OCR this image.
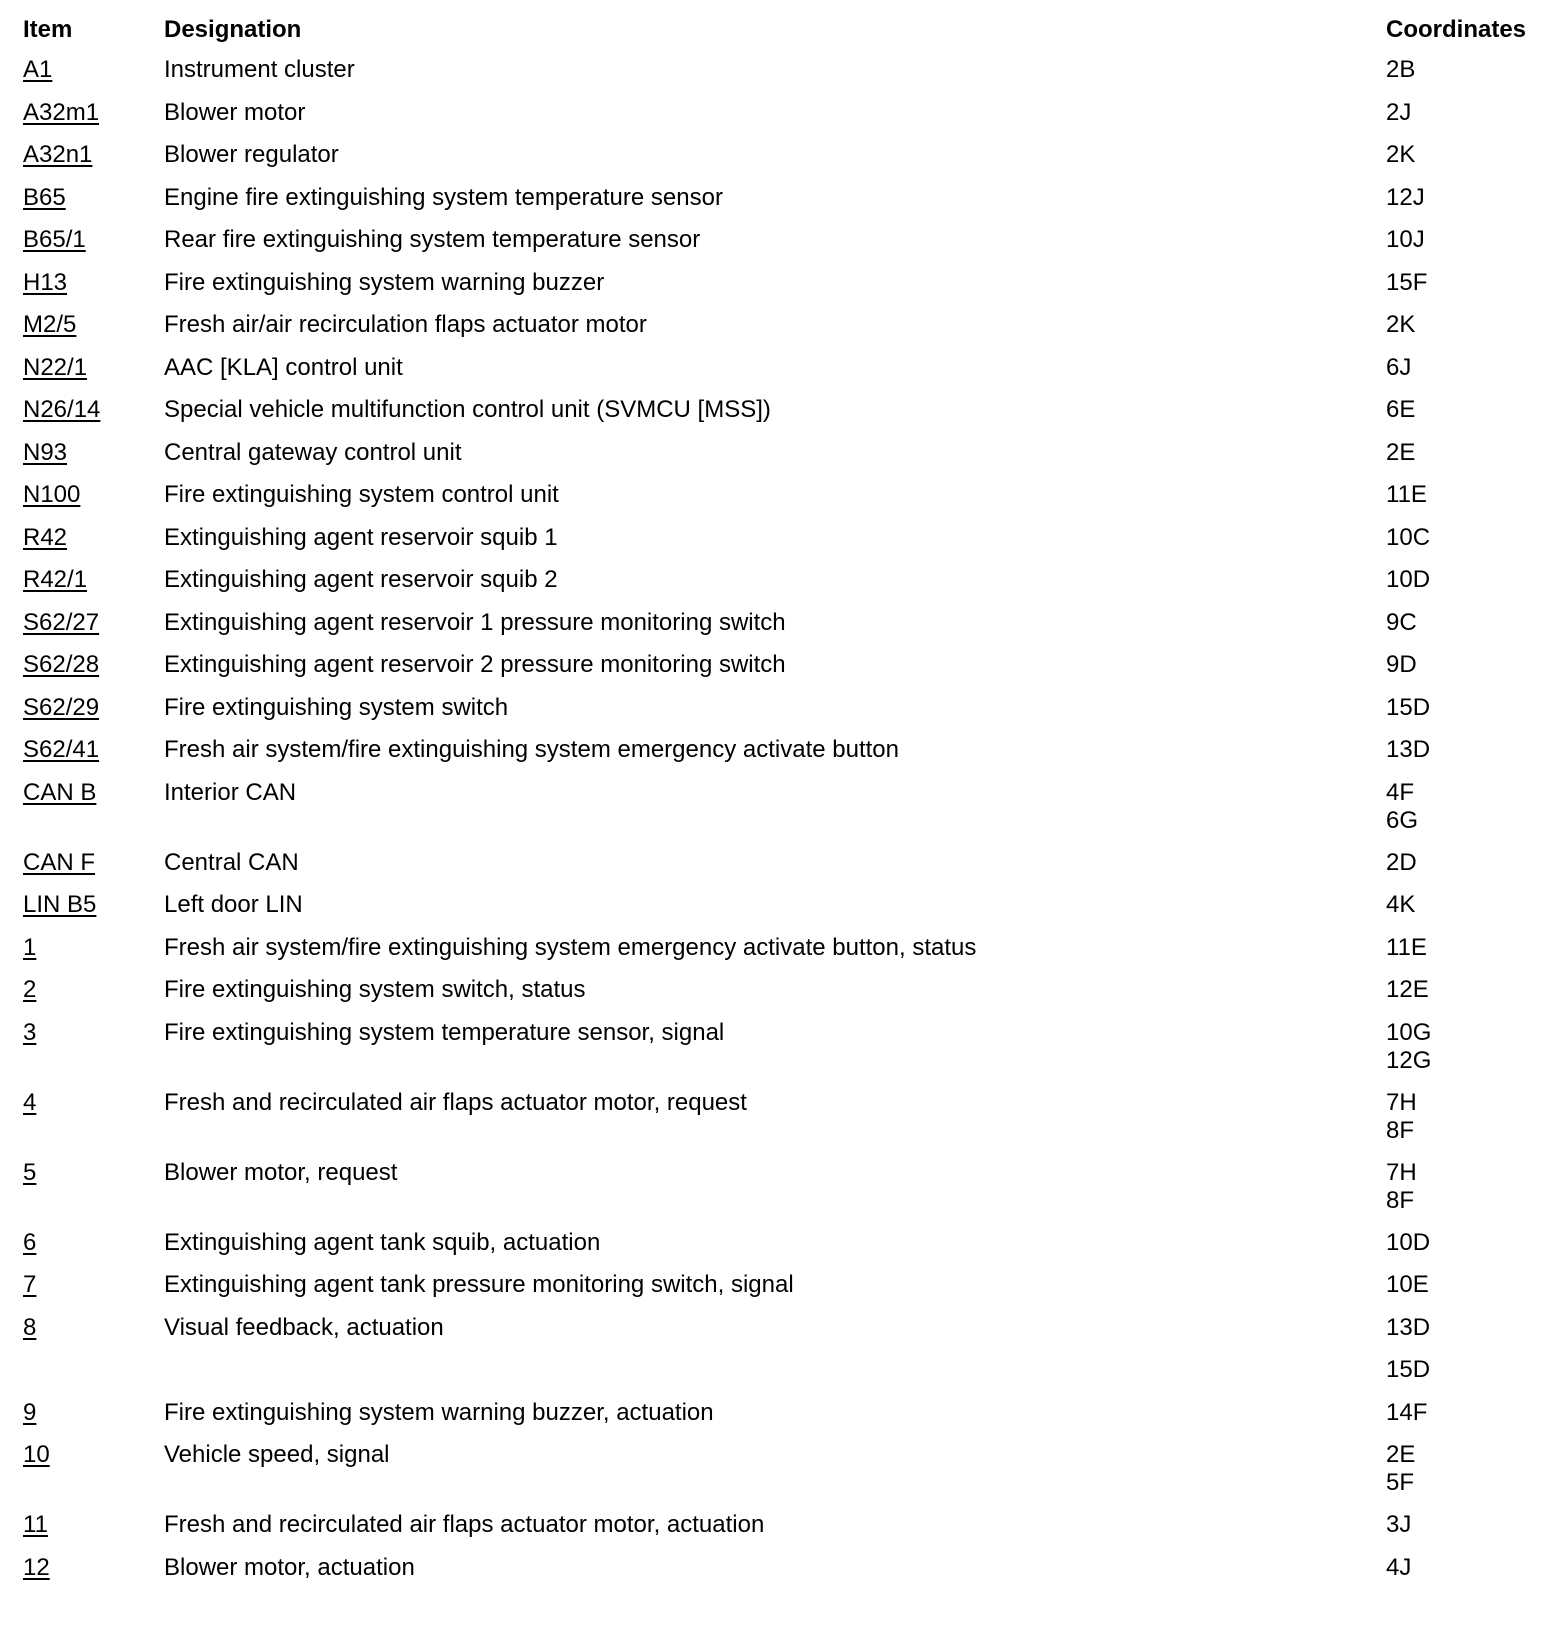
Item	Designation	Coordinates
A1	Instrument cluster	2B
A32m1	Blower motor	2J
A32n1	Blower regulator	2K
B65	Engine fire extinguishing system temperature sensor	12J
B65/1	Rear fire extinguishing system temperature sensor	10J
H13	Fire extinguishing system warning buzzer	15F
M2/5	Fresh air/air recirculation flaps actuator motor	2K
N22/1	AAC [KLA] control unit	6J
N26/14	Special vehicle multifunction control unit (SVMCU [MSS])	6E
N93	Central gateway control unit	2E
N100	Fire extinguishing system control unit	11E
R42	Extinguishing agent reservoir squib 1	10C
R42/1	Extinguishing agent reservoir squib 2	10D
S62/27	Extinguishing agent reservoir 1 pressure monitoring switch	9C
S62/28	Extinguishing agent reservoir 2 pressure monitoring switch	9D
S62/29	Fire extinguishing system switch	15D
S62/41	Fresh air system/fire extinguishing system emergency activate button	13D
CAN B	Interior CAN	4F
6G
CAN F	Central CAN	2D
LIN B5	Left door LIN	4K
1	Fresh air system/fire extinguishing system emergency activate button, status	11E
2	Fire extinguishing system switch, status	12E
3	Fire extinguishing system temperature sensor, signal	10G
12G
4	Fresh and recirculated air flaps actuator motor, request	7H
8F
5	Blower motor, request	7H
8F
6	Extinguishing agent tank squib, actuation	10D
7	Extinguishing agent tank pressure monitoring switch, signal	10E
8	Visual feedback, actuation	13D
15D
9	Fire extinguishing system warning buzzer, actuation	14F
10	Vehicle speed, signal	2E
5F
11	Fresh and recirculated air flaps actuator motor, actuation	3J
12	Blower motor, actuation	4J
